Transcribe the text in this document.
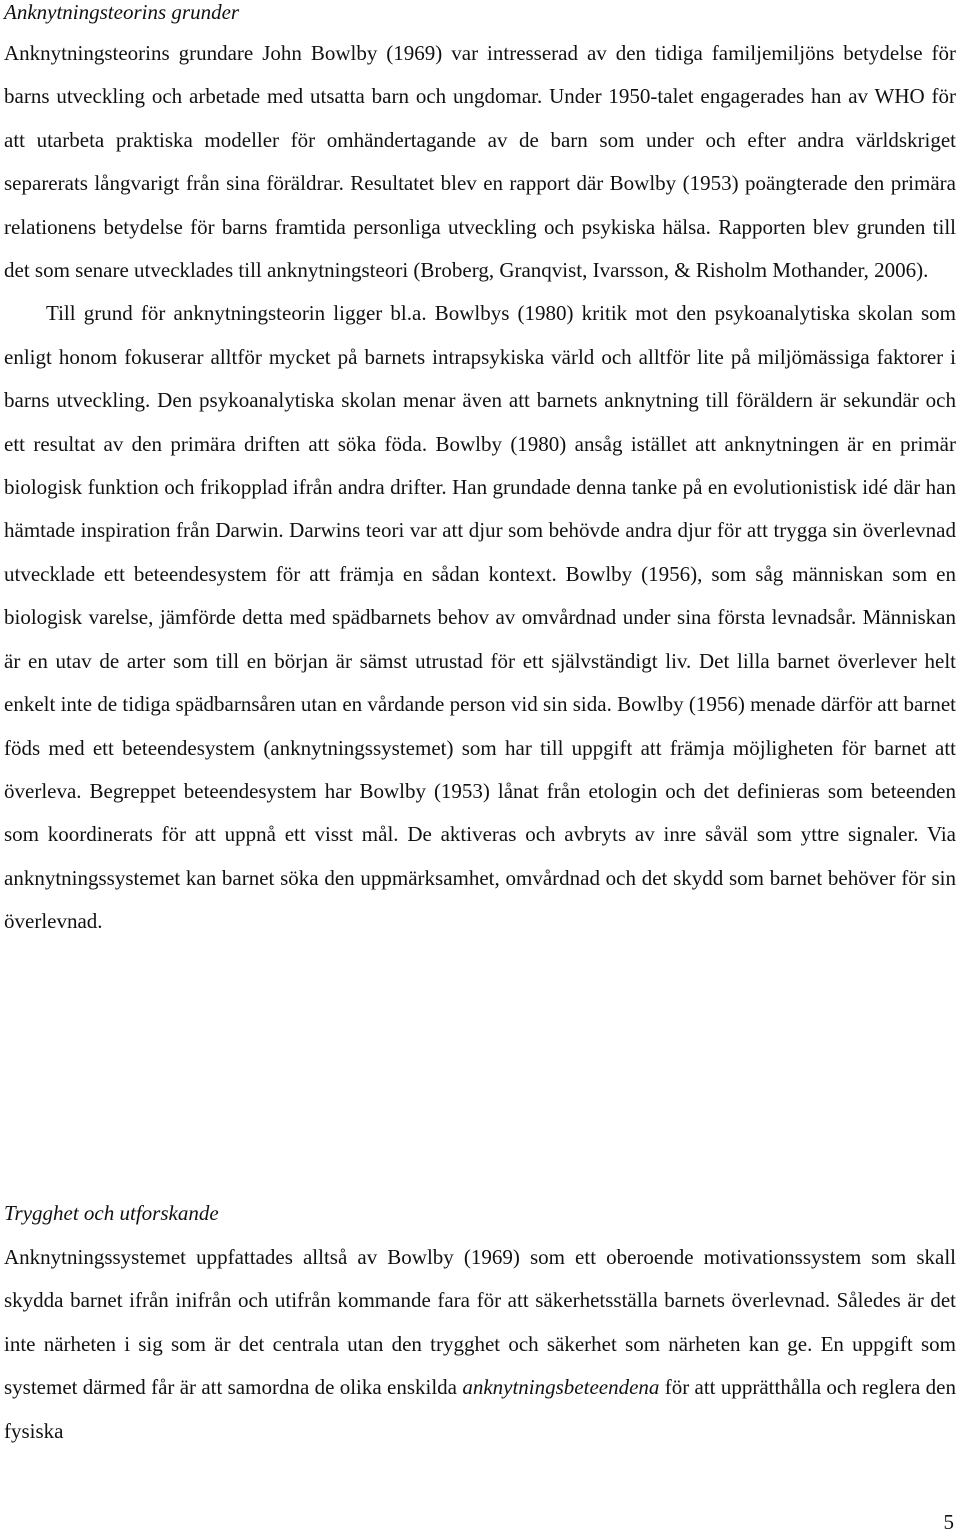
Anknytningsteorins grunder

Anknytningsteorins grundare John Bowlby (1969) var intresserad av den tidiga familjemiljöns betydelse för barns utveckling och arbetade med utsatta barn och ungdomar. Under 1950-talet engagerades han av WHO för att utarbeta praktiska modeller för omhändertagande av de barn som under och efter andra världskriget separerats långvarigt från sina föräldrar. Resultatet blev en rapport där Bowlby (1953) poängterade den primära relationens betydelse för barns framtida personliga utveckling och psykiska hälsa. Rapporten blev grunden till det som senare utvecklades till anknytningsteori (Broberg, Granqvist, Ivarsson, & Risholm Mothander, 2006).

Till grund för anknytningsteorin ligger bl.a. Bowlbys (1980) kritik mot den psykoanalytiska skolan som enligt honom fokuserar alltför mycket på barnets intrapsykiska värld och alltför lite på miljömässiga faktorer i barns utveckling. Den psykoanalytiska skolan menar även att barnets anknytning till föräldern är sekundär och ett resultat av den primära driften att söka föda. Bowlby (1980) ansåg istället att anknytningen är en primär biologisk funktion och frikopplad ifrån andra drifter. Han grundade denna tanke på en evolutionistisk idé där han hämtade inspiration från Darwin. Darwins teori var att djur som behövde andra djur för att trygga sin överlevnad utvecklade ett beteendesystem för att främja en sådan kontext. Bowlby (1956), som såg människan som en biologisk varelse, jämförde detta med spädbarnets behov av omvårdnad under sina första levnadsår. Människan är en utav de arter som till en början är sämst utrustad för ett självständigt liv. Det lilla barnet överlever helt enkelt inte de tidiga spädbarnsåren utan en vårdande person vid sin sida. Bowlby (1956) menade därför att barnet föds med ett beteendesystem (anknytningssystemet) som har till uppgift att främja möjligheten för barnet att överleva. Begreppet beteendesystem har Bowlby (1953) lånat från etologin och det definieras som beteenden som koordinerats för att uppnå ett visst mål. De aktiveras och avbryts av inre såväl som yttre signaler. Via anknytningssystemet kan barnet söka den uppmärksamhet, omvårdnad och det skydd som barnet behöver för sin överlevnad.

Trygghet och utforskande

Anknytningssystemet uppfattades alltså av Bowlby (1969) som ett oberoende motivationssystem som skall skydda barnet ifrån inifrån och utifrån kommande fara för att säkerhetsställa barnets överlevnad. Således är det inte närheten i sig som är det centrala utan den trygghet och säkerhet som närheten kan ge. En uppgift som systemet därmed får är att samordna de olika enskilda anknytningsbeteendena för att upprätthålla och reglera den fysiska

5
